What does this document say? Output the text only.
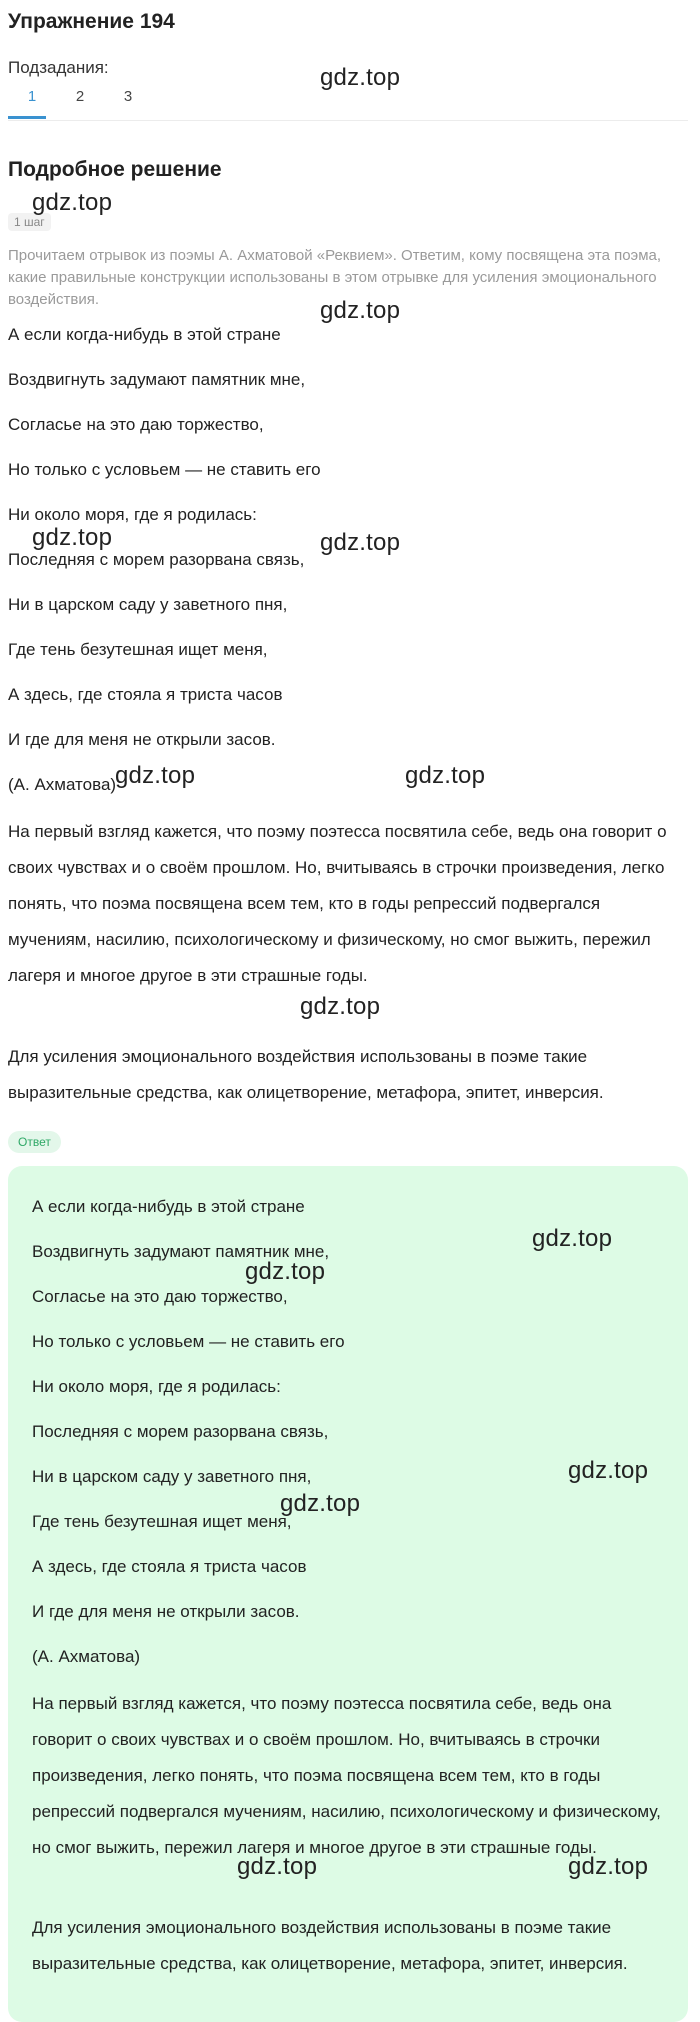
Упражнение 194
Подзадания:
1	2	3
Подробное решение
1 шаг
Прочитаем отрывок из поэмы А. Ахматовой «Реквием». Ответим, кому посвящена эта поэма, какие правильные конструкции использованы в этом отрывке для усиления эмоционального воздействия.
А если когда-нибудь в этой стране
Воздвигнуть задумают памятник мне,
Согласье на это даю торжество,
Но только с условьем — не ставить его
Ни около моря, где я родилась:
Последняя с морем разорвана связь,
Ни в царском саду у заветного пня,
Где тень безутешная ищет меня,
А здесь, где стояла я триста часов
И где для меня не открыли засов.
(А. Ахматова)
На первый взгляд кажется, что поэму поэтесса посвятила себе, ведь она говорит о своих чувствах и о своём прошлом. Но, вчитываясь в строчки произведения, легко понять, что поэма посвящена всем тем, кто в годы репрессий подвергался мучениям, насилию, психологическому и физическому, но смог выжить, пережил лагеря и многое другое в эти страшные годы.
Для усиления эмоционального воздействия использованы в поэме такие выразительные средства, как олицетворение, метафора, эпитет, инверсия.
Ответ
А если когда-нибудь в этой стране
Воздвигнуть задумают памятник мне,
Согласье на это даю торжество,
Но только с условьем — не ставить его
Ни около моря, где я родилась:
Последняя с морем разорвана связь,
Ни в царском саду у заветного пня,
Где тень безутешная ищет меня,
А здесь, где стояла я триста часов
И где для меня не открыли засов.
(А. Ахматова)
На первый взгляд кажется, что поэму поэтесса посвятила себе, ведь она говорит о своих чувствах и о своём прошлом. Но, вчитываясь в строчки произведения, легко понять, что поэма посвящена всем тем, кто в годы репрессий подвергался мучениям, насилию, психологическому и физическому, но смог выжить, пережил лагеря и многое другое в эти страшные годы.
Для усиления эмоционального воздействия использованы в поэме такие выразительные средства, как олицетворение, метафора, эпитет, инверсия.
gdz.top
gdz.top
gdz.top
gdz.top	gdz.top
gdz.top	gdz.top
gdz.top
gdz.top
gdz.top
gdz.top
gdz.top
gdz.top	gdz.top
